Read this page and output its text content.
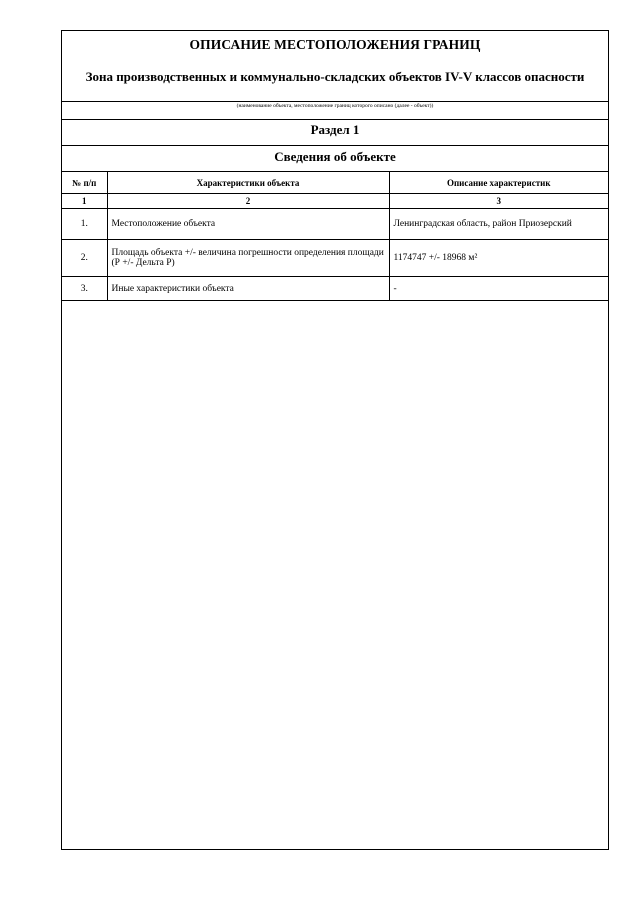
ОПИСАНИЕ МЕСТОПОЛОЖЕНИЯ ГРАНИЦ
Зона производственных и коммунально-складских объектов IV-V классов опасности
(наименование объекта, местоположение границ которого описано (далее - объект))
Раздел 1
Сведения об объекте
№ п/п	Характеристики объекта	Описание характеристик
1	2	3
1.	Местоположение объекта	Ленинградская область, район Приозерский
2.	Площадь объекта +/- величина погрешности определения площади (Р +/- Дельта Р)	1174747 +/- 18968 м²
3.	Иные характеристики объекта	-
